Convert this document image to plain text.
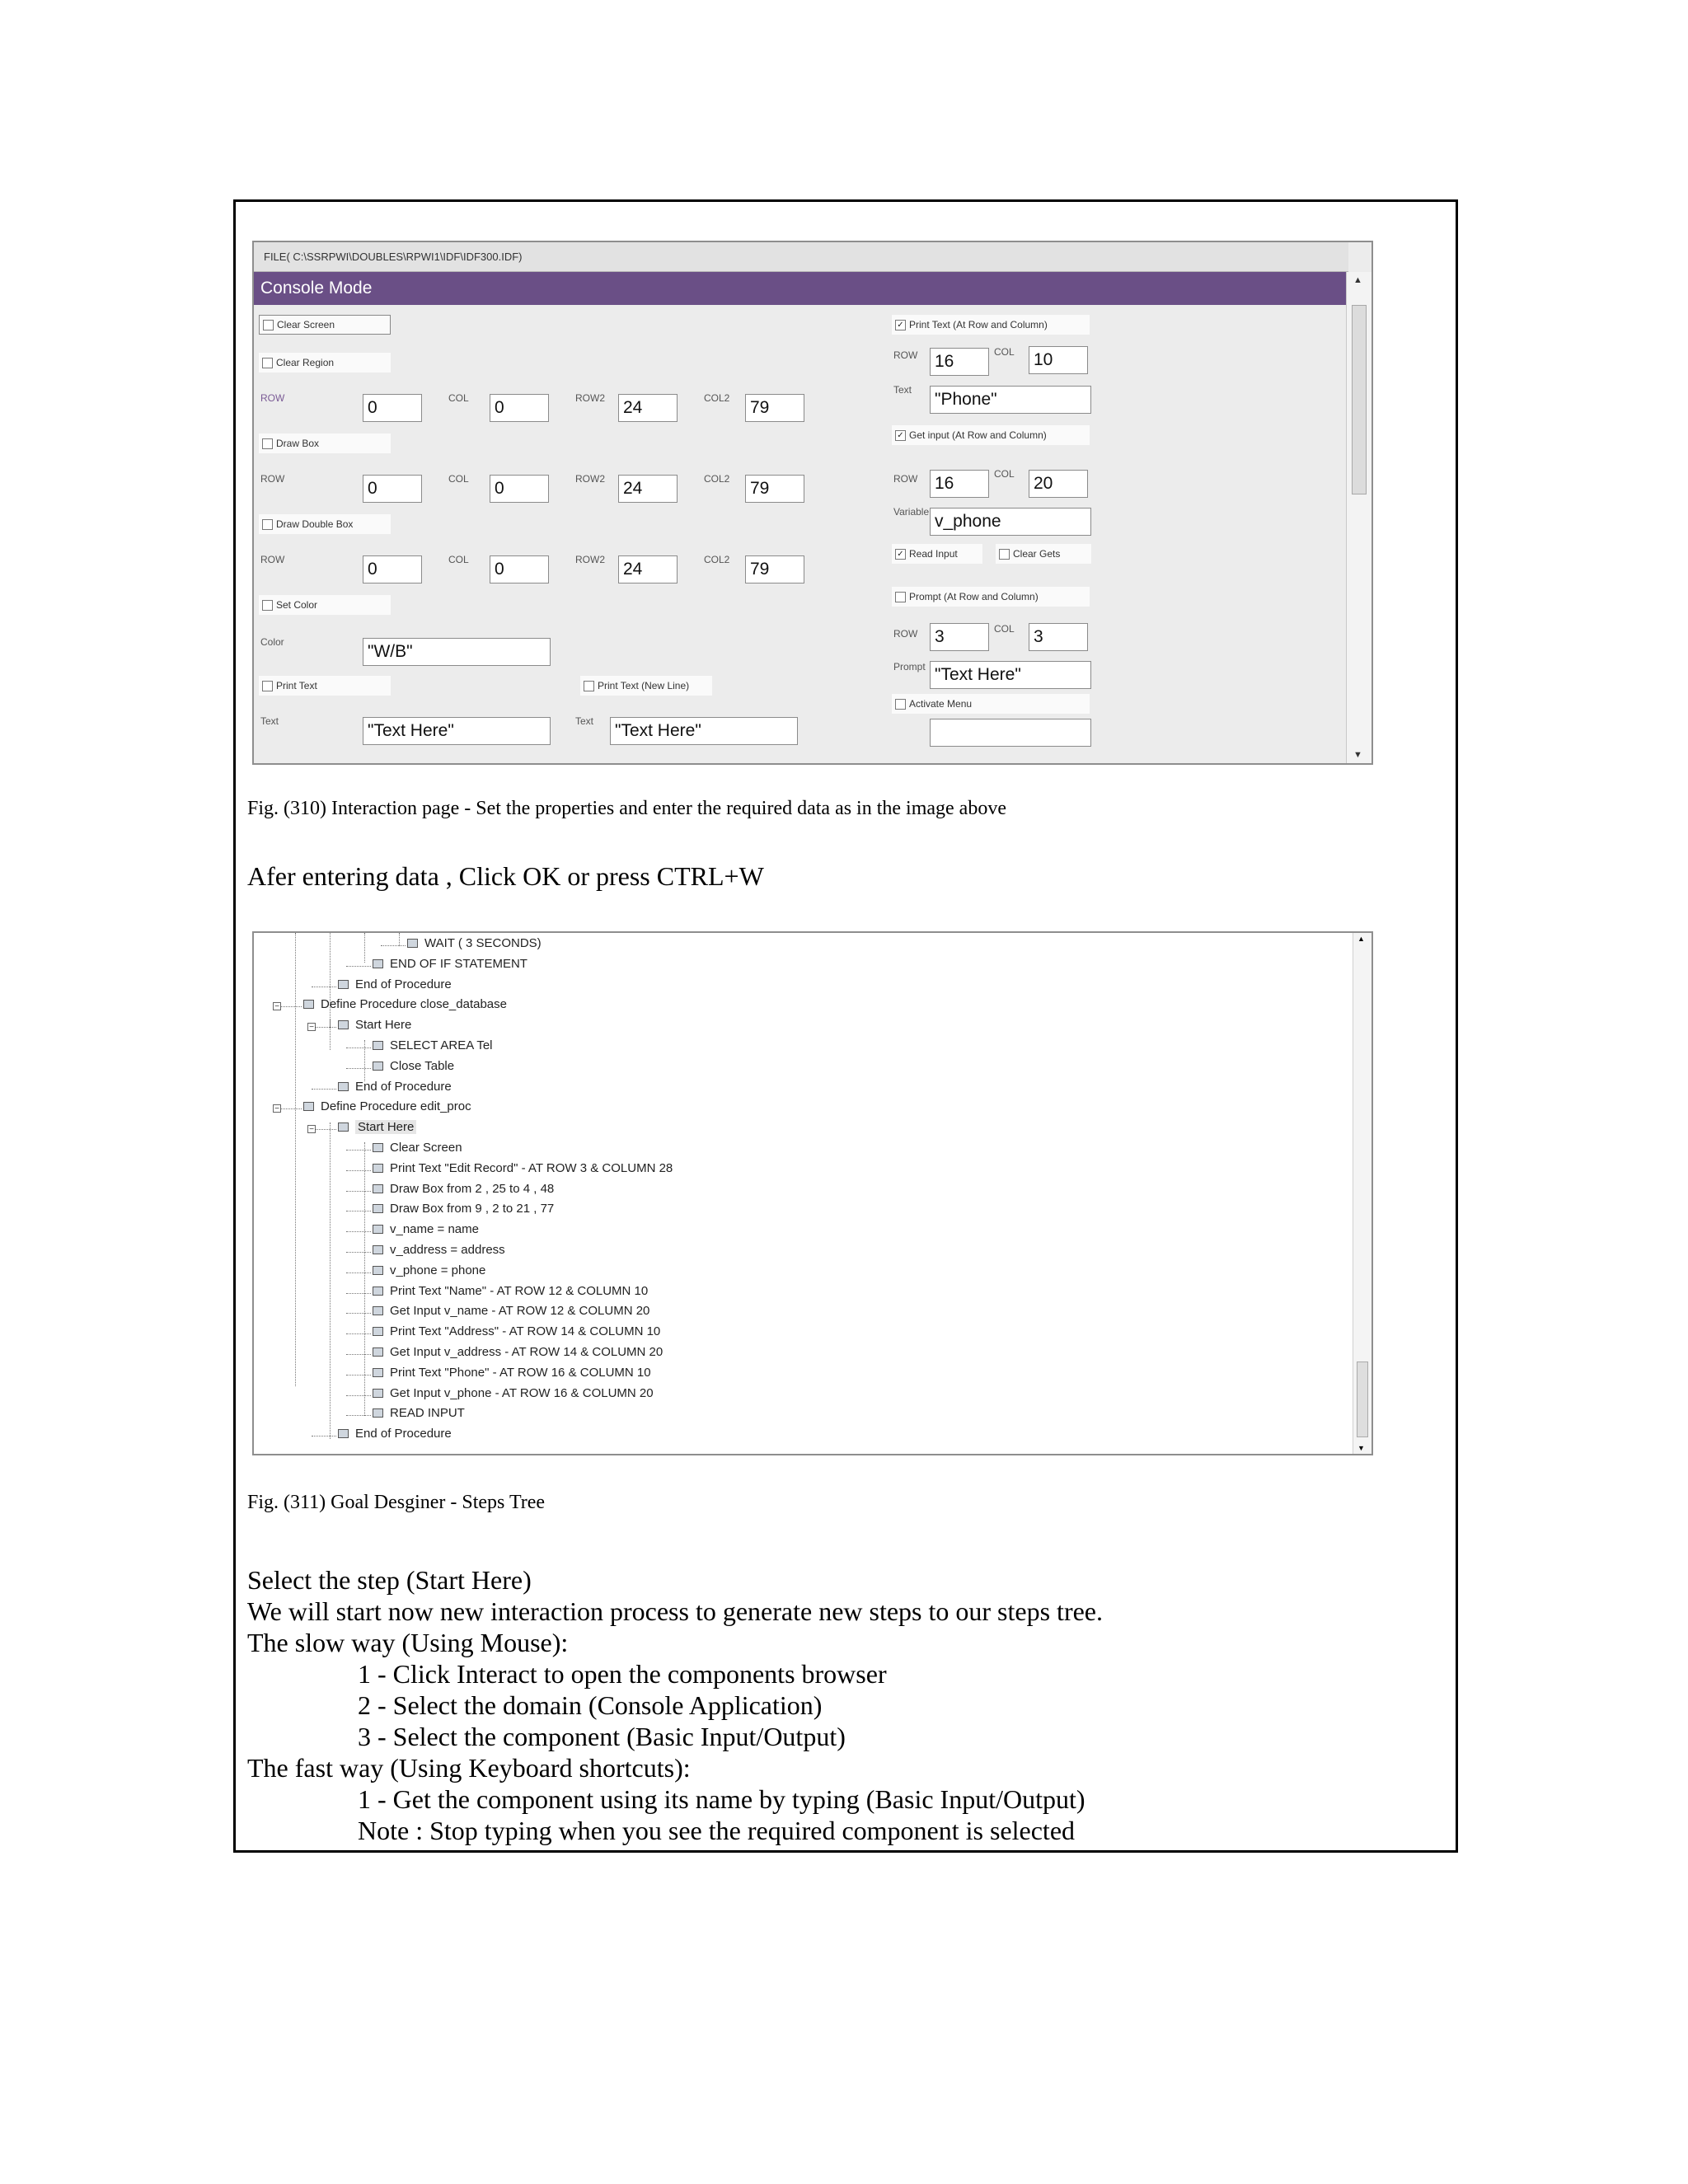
FILE( C:\SSRPWI\DOUBLES\RPWI1\IDF\IDF300.IDF)
Console Mode	▲
▼
Clear Screen
Clear Region
ROW	0	COL 0	ROW2 24	COL2 79
Draw Box
ROW	0	COL 0	ROW2 24	COL2 79
Draw Double Box
ROW	0	COL 0	ROW2 24	COL2 79
Set Color
Color	"W/B"
Print Text	Print Text (New Line)
Text	"Text Here"	Text "Text Here"
✓ Print Text (At Row and Column)
ROW 16	COL 10
Text "Phone"
✓ Get input (At Row and Column)
ROW 16	COL 20
Variable v_phone
✓ Read Input	Clear Gets
Prompt (At Row and Column)
ROW 3	COL 3
Prompt "Text Here"
Activate Menu
Fig. (310) Interaction page - Set the properties and enter the required data as in the image above
Afer entering data , Click OK or press CTRL+W
▲
▼
WAIT ( 3 SECONDS)
END OF IF STATEMENT
End of Procedure
−	Define Procedure close_database
−	Start Here
SELECT AREA Tel
Close Table
End of Procedure
−	Define Procedure edit_proc
−	Start Here
Clear Screen
Print Text "Edit Record" - AT ROW 3 & COLUMN 28
Draw Box from 2 , 25 to 4 , 48
Draw Box from 9 , 2 to 21 , 77
v_name = name
v_address = address
v_phone = phone
Print Text "Name" - AT ROW 12 & COLUMN 10
Get Input v_name - AT ROW 12 & COLUMN 20
Print Text "Address" - AT ROW 14 & COLUMN 10
Get Input v_address - AT ROW 14 & COLUMN 20
Print Text "Phone" - AT ROW 16 & COLUMN 10
Get Input v_phone - AT ROW 16 & COLUMN 20
READ INPUT
End of Procedure
Fig. (311) Goal Desginer - Steps Tree
Select the step (Start Here)
We will start now new interaction process to generate new steps to our steps tree.
The slow way (Using Mouse):
1 - Click Interact to open the components browser
2 - Select the domain (Console Application)
3 - Select the component (Basic Input/Output)
The fast way (Using Keyboard shortcuts):
1 - Get the component using its name by typing (Basic Input/Output)
Note : Stop typing when you see the required component is selected
